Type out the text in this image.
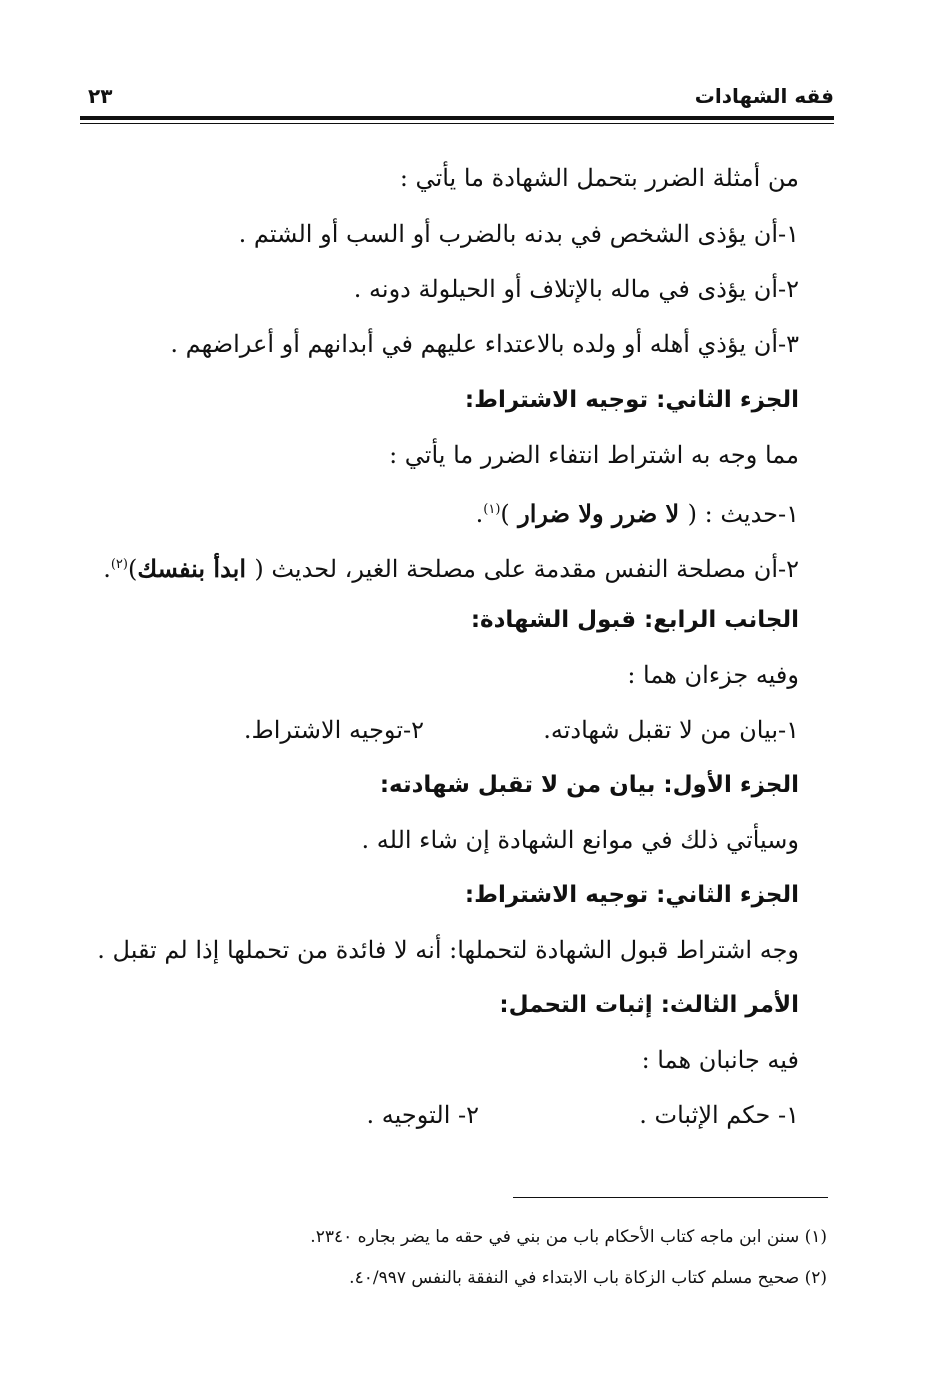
فقه الشهادات
٢٣
من أمثلة الضرر بتحمل الشهادة ما يأتي :
١-أن يؤذى الشخص في بدنه بالضرب أو السب أو الشتم .
٢-أن يؤذى في ماله بالإتلاف أو الحيلولة دونه .
٣-أن يؤذي أهله أو ولده بالاعتداء عليهم في أبدانهم أو أعراضهم .
الجزء الثاني: توجيه الاشتراط:
مما وجه به اشتراط انتفاء الضرر ما يأتي :
١-حديث : ( لا ضرر ولا ضرار )$^{(١)}$.
٢-أن مصلحة النفس مقدمة على مصلحة الغير، لحديث ( ابدأ بنفسك)$^{(٢)}$.
الجانب الرابع: قبول الشهادة:
وفيه جزءان هما :
١-بيان من لا تقبل شهادته.
٢-توجيه الاشتراط.
الجزء الأول: بيان من لا تقبل شهادته:
وسيأتي ذلك في موانع الشهادة إن شاء الله .
الجزء الثاني: توجيه الاشتراط:
وجه اشتراط قبول الشهادة لتحملها: أنه لا فائدة من تحملها إذا لم تقبل .
الأمر الثالث: إثبات التحمل:
فيه جانبان هما :
١- حكم الإثبات .
٢- التوجيه .
(١) سنن ابن ماجه كتاب الأحكام باب من بني في حقه ما يضر بجاره ٢٣٤٠.
(٢) صحيح مسلم كتاب الزكاة باب الابتداء في النفقة بالنفس ٤٠/٩٩٧.
